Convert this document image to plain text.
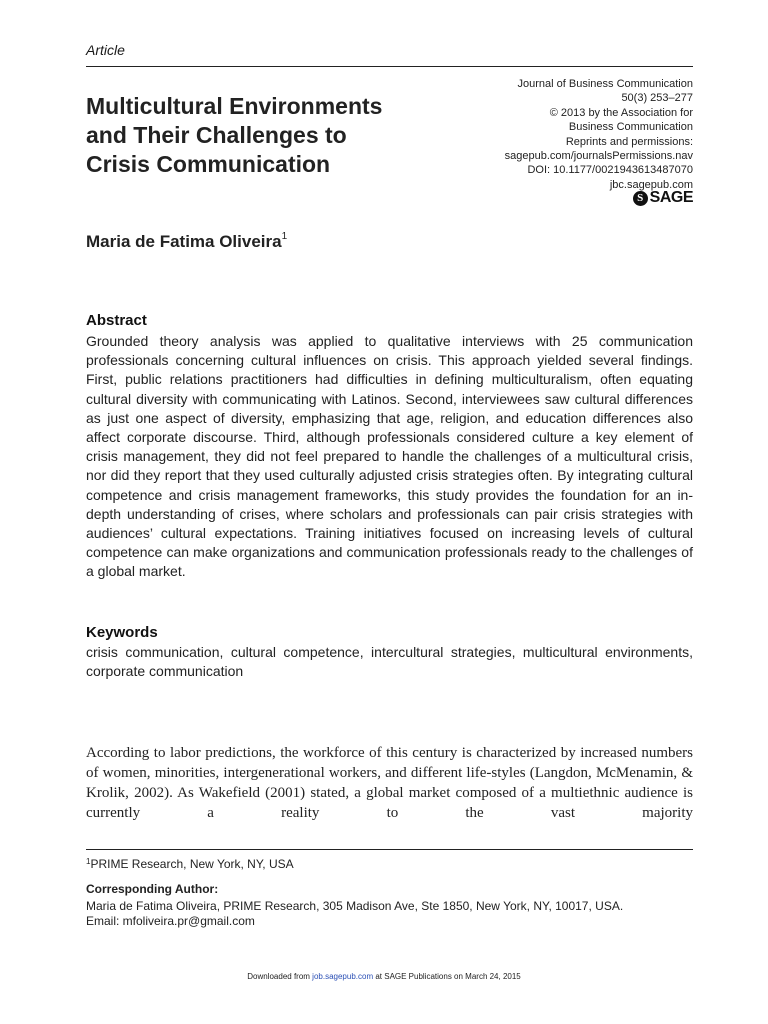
Article
Multicultural Environments
and Their Challenges to
Crisis Communication
Journal of Business Communication
50(3) 253–277
© 2013 by the Association for
Business Communication
Reprints and permissions:
sagepub.com/journalsPermissions.nav
DOI: 10.1177/0021943613487070
jbc.sagepub.com
S SAGE
Maria de Fatima Oliveira$^1$
Abstract
Grounded theory analysis was applied to qualitative interviews with 25 communication professionals concerning cultural influences on crisis. This approach yielded several findings. First, public relations practitioners had difficulties in defining multiculturalism, often equating cultural diversity with communicating with Latinos. Second, interviewees saw cultural differences as just one aspect of diversity, emphasizing that age, religion, and education differences also affect corporate discourse. Third, although professionals considered culture a key element of crisis management, they did not feel prepared to handle the challenges of a multicultural crisis, nor did they report that they used culturally adjusted crisis strategies often. By integrating cultural competence and crisis management frameworks, this study provides the foundation for an in-depth understanding of crises, where scholars and professionals can pair crisis strategies with audiences’ cultural expectations. Training initiatives focused on increasing levels of cultural competence can make organizations and communication professionals ready to the challenges of a global market.
Keywords
crisis communication, cultural competence, intercultural strategies, multicultural environments, corporate communication
According to labor predictions, the workforce of this century is characterized by increased numbers of women, minorities, intergenerational workers, and different life-styles (Langdon, McMenamin, & Krolik, 2002). As Wakefield (2001) stated, a global market composed of a multiethnic audience is currently a reality to the vast majority
$^1$PRIME Research, New York, NY, USA
Corresponding Author:
Maria de Fatima Oliveira, PRIME Research, 305 Madison Ave, Ste 1850, New York, NY, 10017, USA.
Email: mfoliveira.pr@gmail.com
Downloaded from job.sagepub.com at SAGE Publications on March 24, 2015
